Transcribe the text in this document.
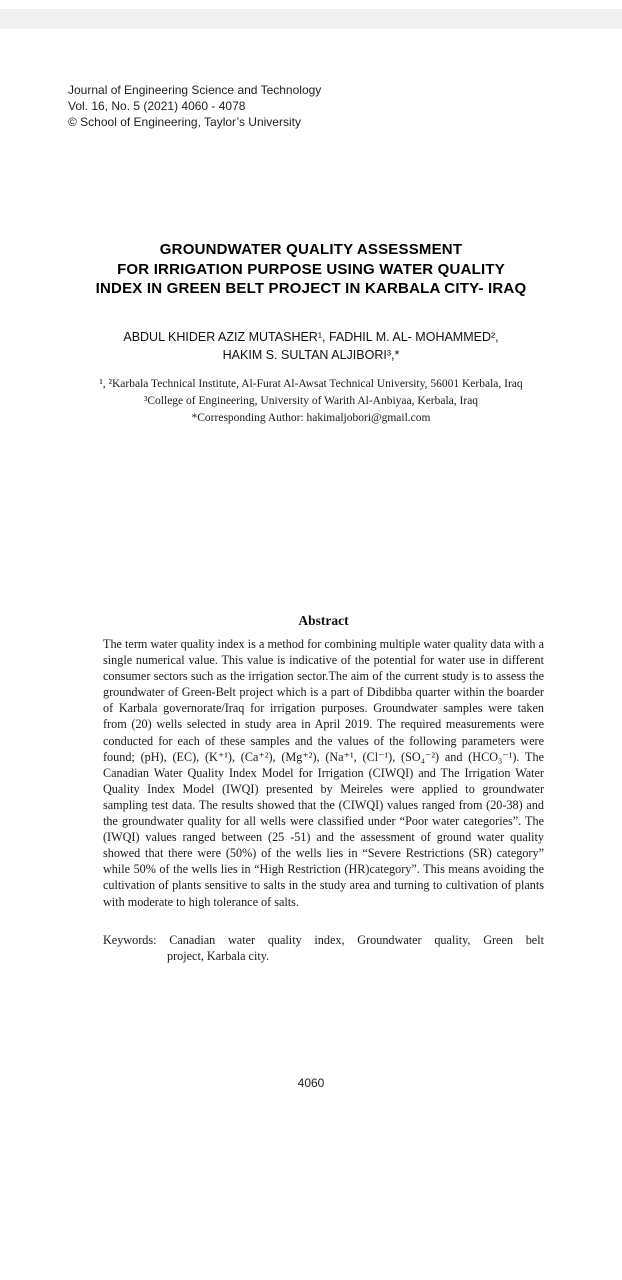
Journal of Engineering Science and Technology
Vol. 16, No. 5 (2021) 4060 - 4078
© School of Engineering, Taylor’s University
GROUNDWATER QUALITY ASSESSMENT
FOR IRRIGATION PURPOSE USING WATER QUALITY
INDEX IN GREEN BELT PROJECT IN KARBALA CITY- IRAQ
ABDUL KHIDER AZIZ MUTASHER¹, FADHIL M. AL- MOHAMMED²,
HAKIM S. SULTAN ALJIBORI³,*
¹, ²Karbala Technical Institute, Al-Furat Al-Awsat Technical University, 56001 Kerbala, Iraq
³College of Engineering, University of Warith Al-Anbiyaa, Kerbala, Iraq
*Corresponding Author: hakimaljobori@gmail.com
Abstract

The term water quality index is a method for combining multiple water quality data with a single numerical value. This value is indicative of the potential for water use in different consumer sectors such as the irrigation sector.The aim of the current study is to assess the groundwater of Green-Belt project which is a part of Dibdibba quarter within the boarder of Karbala governorate/Iraq for irrigation purposes. Groundwater samples were taken from (20) wells selected in study area in April 2019. The required measurements were conducted for each of these samples and the values of the following parameters were found; (pH), (EC), (K⁺¹), (Ca⁺²), (Mg⁺²), (Na⁺¹, (Cl⁻¹), (SO₄⁻²) and (HCO₃⁻¹). The Canadian Water Quality Index Model for Irrigation (CIWQI) and The Irrigation Water Quality Index Model (IWQI) presented by Meireles were applied to groundwater sampling test data. The results showed that the (CIWQI) values ranged from (20-38) and the groundwater quality for all wells were classified under “Poor water categories”. The (IWQI) values ranged between (25 -51) and the assessment of ground water quality showed that there were (50%) of the wells lies in “Severe Restrictions (SR) category” while 50% of the wells lies in “High Restriction (HR)category”. This means avoiding the cultivation of plants sensitive to salts in the study area and turning to cultivation of plants with moderate to high tolerance of salts.

Keywords: Canadian water quality index, Groundwater quality, Green belt
project, Karbala city.

4060
